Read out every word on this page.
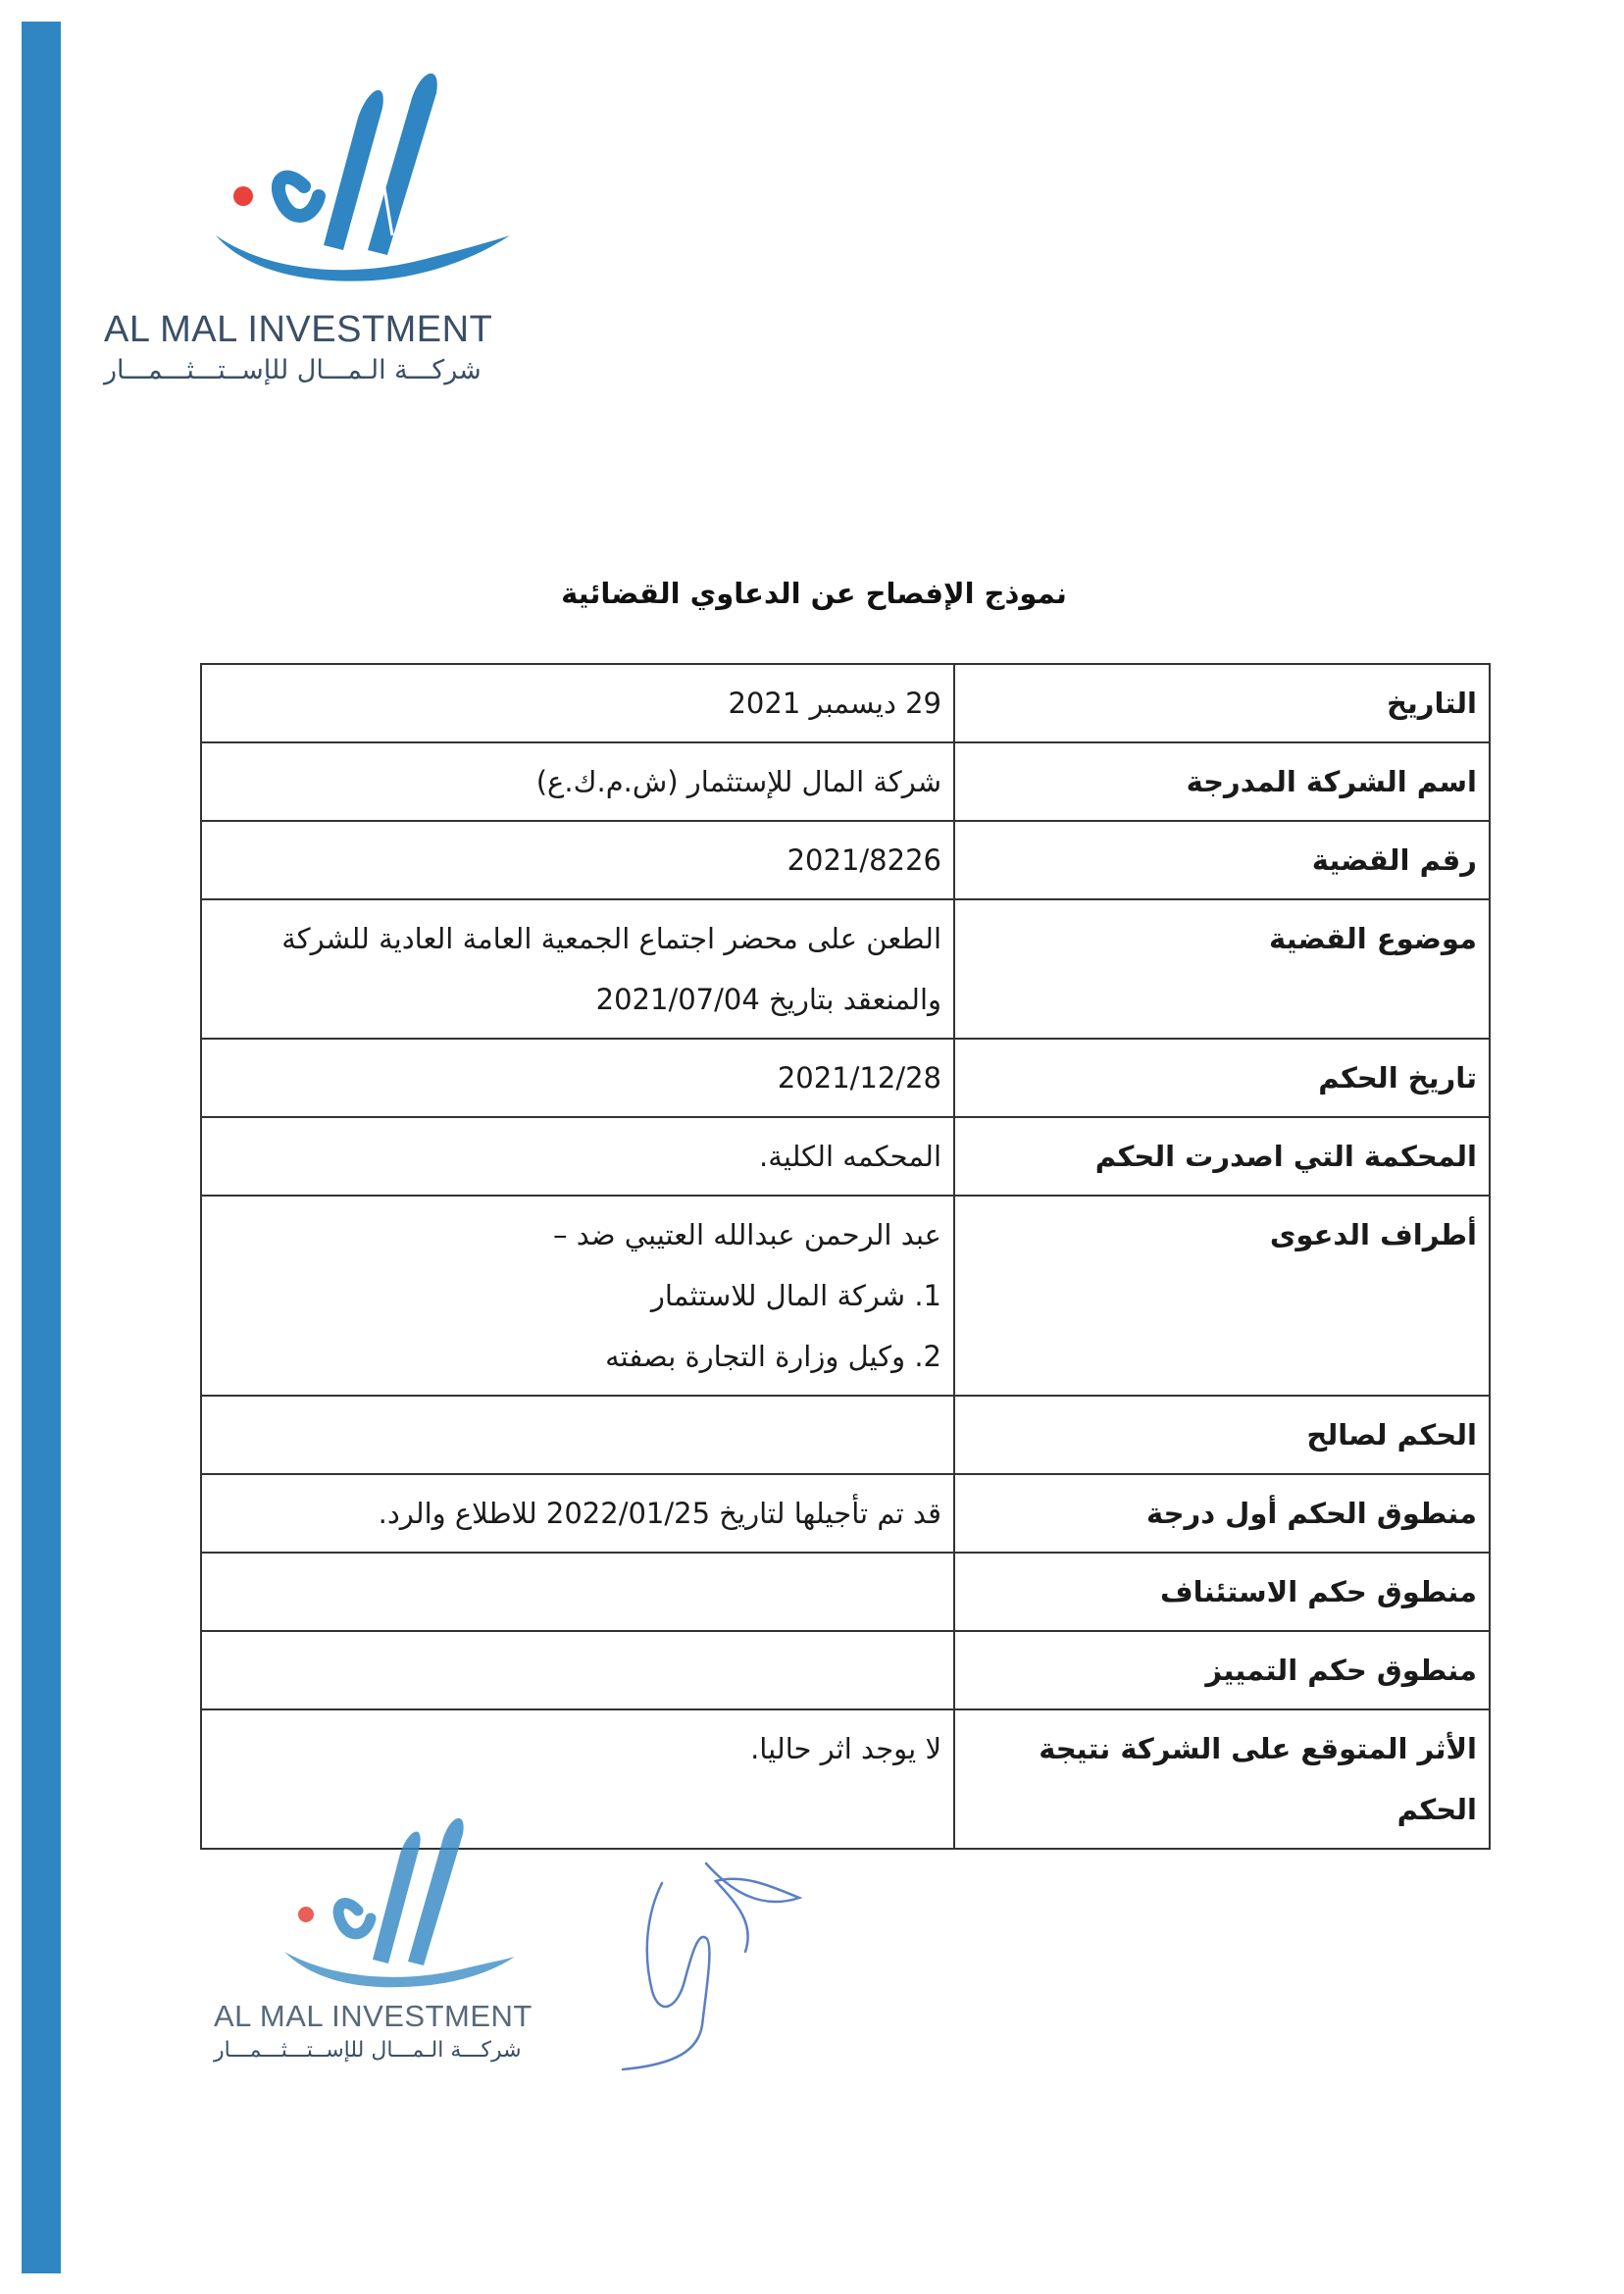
AL MAL INVESTMENT
شركـــة الـمـــال للإســتـــثـــمـــار
نموذج الإفصاح عن الدعاوي القضائية
التاريخ	29 ديسمبر 2021

اسم الشركة المدرجة	شركة المال للإستثمار (ش.م.ك.ع)

رقم القضية	2021/8226

موضوع القضية	الطعن على محضر اجتماع الجمعية العامة العادية للشركة
والمنعقد بتاريخ 2021/07/04

تاريخ الحكم	2021/12/28

المحكمة التي اصدرت الحكم	المحكمه الكلية.

أطراف الدعوى	عبد الرحمن عبدالله العتيبي ضد –
1. شركة المال للاستثمار
2. وكيل وزارة التجارة بصفته

الحكم لصالح	

منطوق الحكم أول درجة	قد تم تأجيلها لتاريخ 2022/01/25 للاطلاع والرد.

منطوق حكم الاستئناف	

منطوق حكم التمييز	

الأثر المتوقع على الشركة نتيجة الحكم	لا يوجد اثر حاليا.
AL MAL INVESTMENT
شركـــة الـمـــال للإســتـــثـــمـــار
